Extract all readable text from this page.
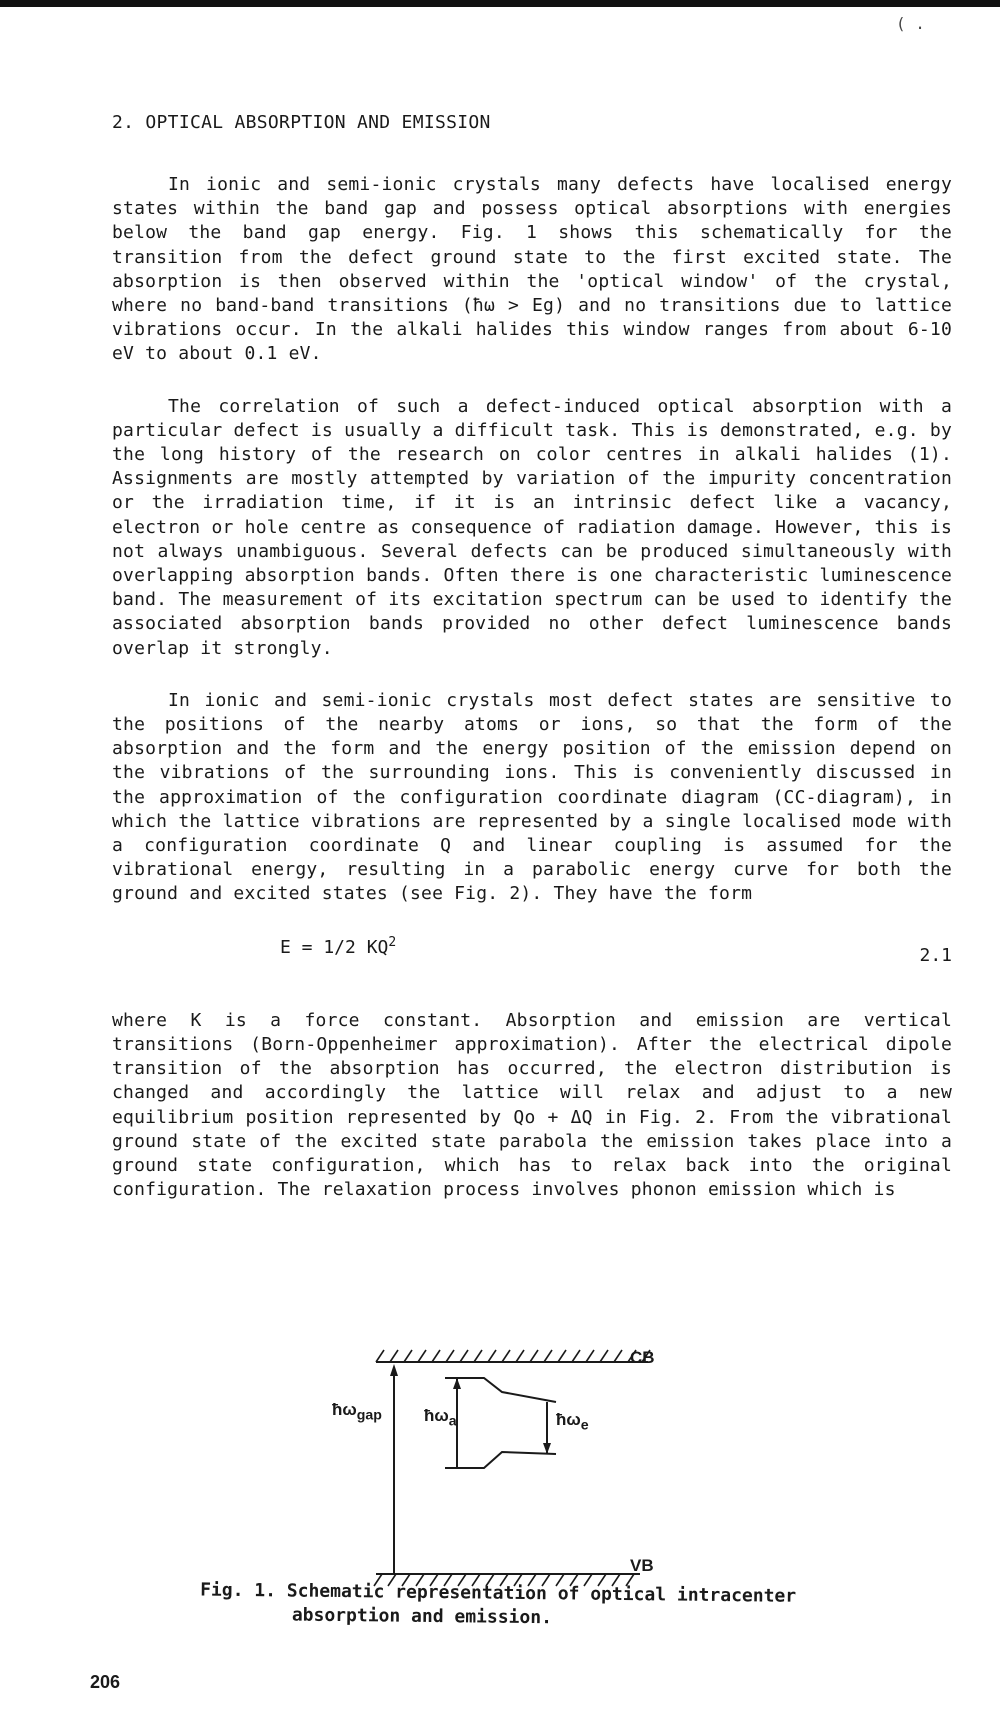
( .
2. OPTICAL ABSORPTION AND EMISSION

In ionic and semi-ionic crystals many defects have localised energy states within the band gap and possess optical absorptions with energies below the band gap energy. Fig. 1 shows this schematically for the transition from the defect ground state to the first excited state. The absorption is then observed within the 'optical window' of the crystal, where no band-band transitions (ħω > Eg) and no transitions due to lattice vibrations occur. In the alkali halides this window ranges from about 6-10 eV to about 0.1 eV.

The correlation of such a defect-induced optical absorption with a particular defect is usually a difficult task. This is demonstrated, e.g. by the long history of the research on color centres in alkali halides (1). Assignments are mostly attempted by variation of the impurity concentration or the irradiation time, if it is an intrinsic defect like a vacancy, electron or hole centre as consequence of radiation damage. However, this is not always unambiguous. Several defects can be produced simultaneously with overlapping absorption bands. Often there is one characteristic luminescence band. The measurement of its excitation spectrum can be used to identify the associated absorption bands provided no other defect luminescence bands overlap it strongly.

In ionic and semi-ionic crystals most defect states are sensitive to the positions of the nearby atoms or ions, so that the form of the absorption and the form and the energy position of the emission depend on the vibrations of the surrounding ions. This is conveniently discussed in the approximation of the configuration coordinate diagram (CC-diagram), in which the lattice vibrations are represented by a single localised mode with a configuration coordinate Q and linear coupling is assumed for the vibrational energy, resulting in a parabolic energy curve for both the ground and excited states (see Fig. 2). They have the form

E = 1/2 $KQ^2$
2.1

where K is a force constant. Absorption and emission are vertical transitions (Born-Oppenheimer approximation). After the electrical dipole transition of the absorption has occurred, the electron distribution is changed and accordingly the lattice will relax and adjust to a new equilibrium position represented by Qo + ΔQ in Fig. 2. From the vibrational ground state of the excited state parabola the emission takes place into a ground state configuration, which has to relax back into the original configuration. The relaxation process involves phonon emission which is

CB
VB
$ħ\omega_{gap}$ $ħ\omega_a$	$ħ\omega_e$
Fig. 1. Schematic representation of optical intracenter
absorption and emission.
206
